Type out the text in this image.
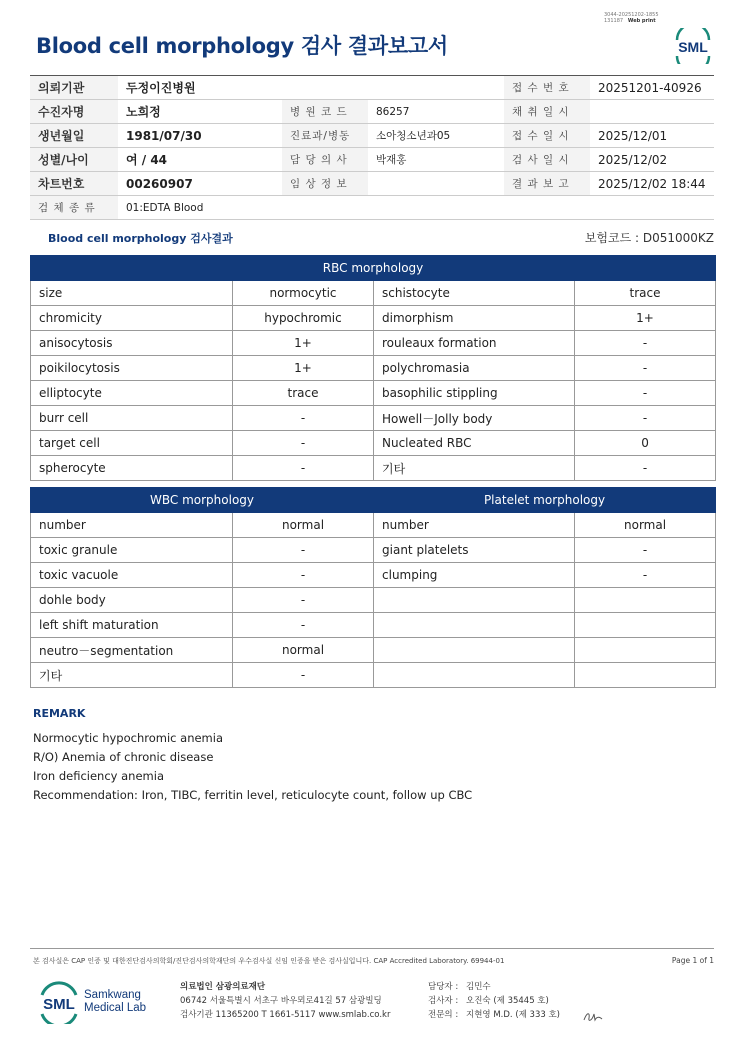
Blood cell morphology 검사 결과보고서
3044-20251202-1855
131187 Web print
SML
의뢰기관	두정이진병원			접 수 번 호	20251201-40926
수진자명	노희정	병 원 코 드	86257	채 취 일 시	
생년월일	1981/07/30	진료과/병동	소아청소년과05	접 수 일 시	2025/12/01
성별/나이	여 / 44	담 당 의 사	박재홍	검 사 일 시	2025/12/02
차트번호	00260907	임 상 정 보		결 과 보 고	2025/12/02 18:44
검 체 종 류	01:EDTA Blood				
Blood cell morphology 검사결과	보험코드 : D051000KZ
RBC morphology			
size	normocytic	schistocyte	trace
chromicity	hypochromic	dimorphism	1+
anisocytosis	1+	rouleaux formation	-
poikilocytosis	1+	polychromasia	-
elliptocyte	trace	basophilic stippling	-
burr cell	-	Howell－Jolly body	-
target cell	-	Nucleated RBC	0
spherocyte	-	기타	-
WBC morphology		Platelet morphology	
number	normal	number	normal
toxic granule	-	giant platelets	-
toxic vacuole	-	clumping	-
dohle body	-		
left shift maturation	-		
neutro－segmentation	normal		
기타	-		
REMARK
Normocytic hypochromic anemia
R/O) Anemia of chronic disease
Iron deficiency anemia
Recommendation: Iron, TIBC, ferritin level, reticulocyte count, follow up CBC
본 검사실은 CAP 인증 및 대한진단검사의학회/진단검사의학재단의 우수검사실 신임 인증을 받은 검사실입니다. CAP Accredited Laboratory. 69944-01	Page 1 of 1
SML
Samkwang
Medical Lab
의료법인 삼광의료재단
06742 서울특별시 서초구 바우뫼로41길 57 삼광빌딩
검사기관 11365200 T 1661-5117 www.smlab.co.kr
담당자 : 김민수
검사자 : 오진숙 (제 35445 호)
전문의 : 지현영 M.D. (제 333 호)
